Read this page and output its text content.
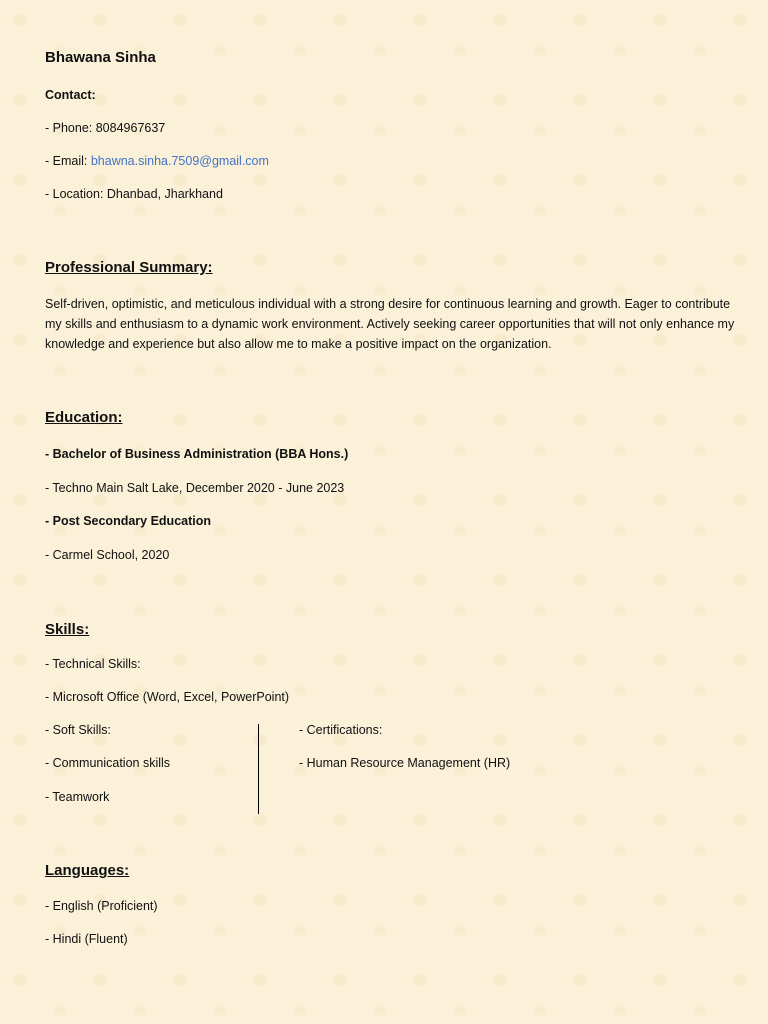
Bhawana Sinha
Contact:
- Phone: 8084967637
- Email: bhawna.sinha.7509@gmail.com
- Location: Dhanbad, Jharkhand
Professional Summary:
Self-driven, optimistic, and meticulous individual with a strong desire for continuous learning and growth. Eager to contribute my skills and enthusiasm to a dynamic work environment. Actively seeking career opportunities that will not only enhance my knowledge and experience but also allow me to make a positive impact on the organization.
Education:
- Bachelor of Business Administration (BBA Hons.)
- Techno Main Salt Lake, December 2020 - June 2023
- Post Secondary Education
- Carmel School, 2020
Skills:
- Technical Skills:
- Microsoft Office (Word, Excel, PowerPoint)
- Soft Skills:
- Communication skills
- Teamwork
- Certifications:
- Human Resource Management (HR)
Languages:
- English (Proficient)
- Hindi (Fluent)
